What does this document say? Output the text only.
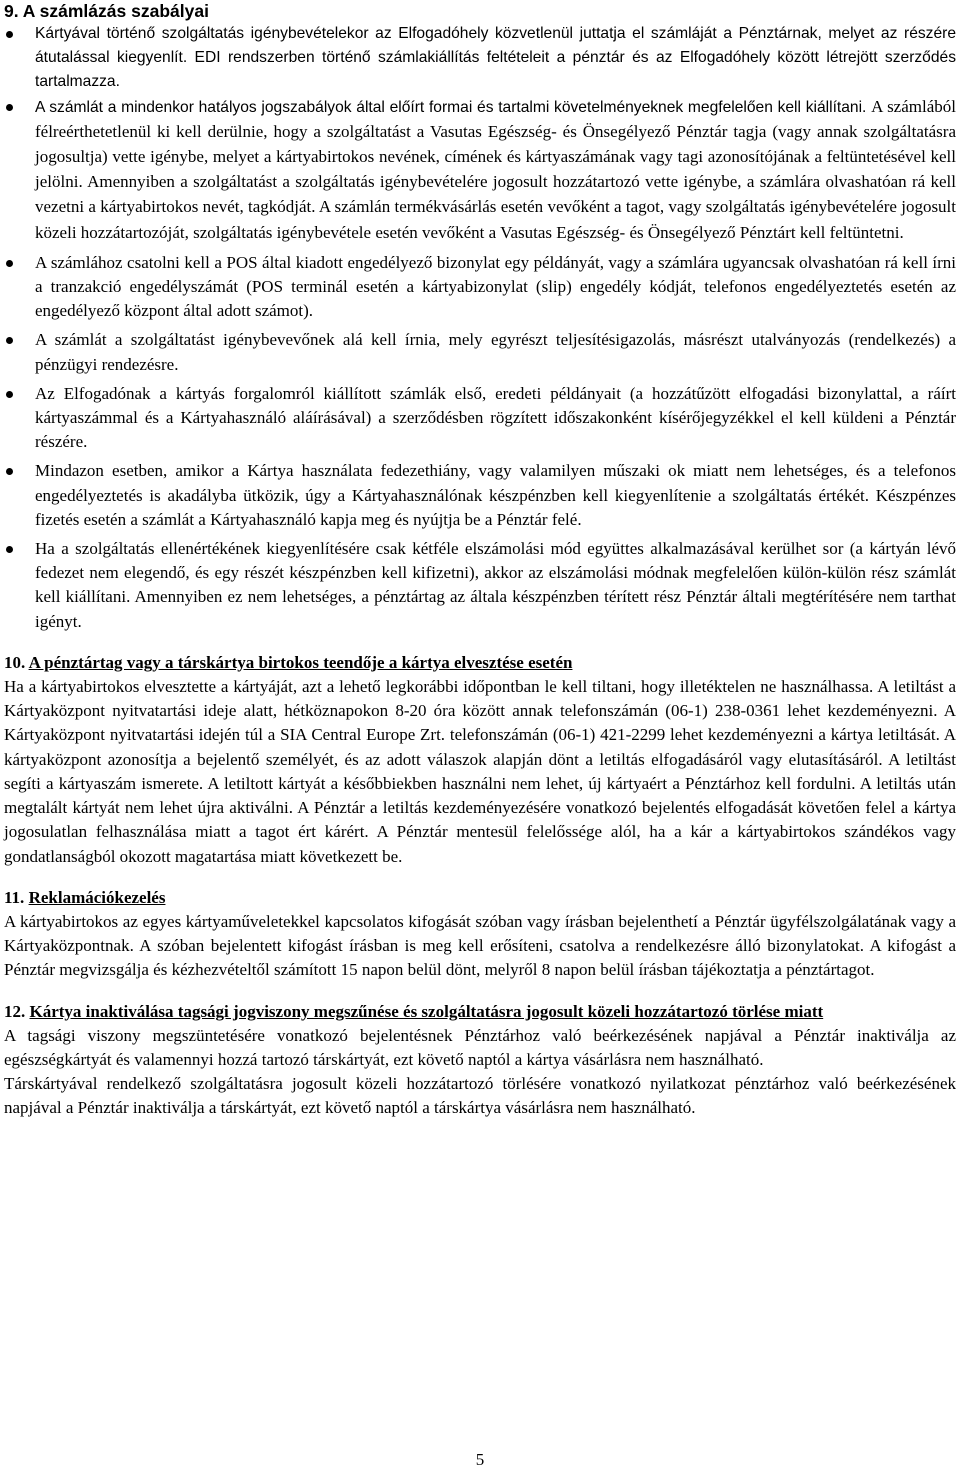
9. A számlázás szabályai
Kártyával történő szolgáltatás igénybevételekor az Elfogadóhely közvetlenül juttatja el számláját a Pénztárnak, melyet az részére átutalással kiegyenlít. EDI rendszerben történő számlakiállítás feltételeit a pénztár és az Elfogadóhely között létrejött szerződés tartalmazza.
A számlát a mindenkor hatályos jogszabályok által előírt formai és tartalmi követelményeknek megfelelően kell kiállítani. A számlából félreérthetetlenül ki kell derülnie, hogy a szolgáltatást a Vasutas Egészség- és Önsegélyező Pénztár tagja (vagy annak szolgáltatásra jogosultja) vette igénybe, melyet a kártyabirtokos nevének, címének és kártyaszámának vagy tagi azonosítójának a feltüntetésével kell jelölni. Amennyiben a szolgáltatást a szolgáltatás igénybevételére jogosult hozzátartozó vette igénybe, a számlára olvashatóan rá kell vezetni a kártyabirtokos nevét, tagkódját. A számlán termékvásárlás esetén vevőként a tagot, vagy szolgáltatás igénybevételére jogosult közeli hozzátartozóját, szolgáltatás igénybevétele esetén vevőként a Vasutas Egészség- és Önsegélyező Pénztárt kell feltüntetni.
A számlához csatolni kell a POS által kiadott engedélyező bizonylat egy példányát, vagy a számlára ugyancsak olvashatóan rá kell írni a tranzakció engedélyszámát (POS terminál esetén a kártyabizonylat (slip) engedély kódját, telefonos engedélyeztetés esetén az engedélyező központ által adott számot).
A számlát a szolgáltatást igénybevevőnek alá kell írnia, mely egyrészt teljesítésigazolás, másrészt utalványozás (rendelkezés) a pénzügyi rendezésre.
Az Elfogadónak a kártyás forgalomról kiállított számlák első, eredeti példányait (a hozzátűzött elfogadási bizonylattal, a ráírt kártyaszámmal és a Kártyahasználó aláírásával) a szerződésben rögzített időszakonként kísérőjegyzékkel el kell küldeni a Pénztár részére.
Mindazon esetben, amikor a Kártya használata fedezethiány, vagy valamilyen műszaki ok miatt nem lehetséges, és a telefonos engedélyeztetés is akadályba ütközik, úgy a Kártyahasználónak készpénzben kell kiegyenlítenie a szolgáltatás értékét. Készpénzes fizetés esetén a számlát a Kártyahasználó kapja meg és nyújtja be a Pénztár felé.
Ha a szolgáltatás ellenértékének kiegyenlítésére csak kétféle elszámolási mód együttes alkalmazásával kerülhet sor (a kártyán lévő fedezet nem elegendő, és egy részét készpénzben kell kifizetni), akkor az elszámolási módnak megfelelően külön-külön rész számlát kell kiállítani. Amennyiben ez nem lehetséges, a pénztártag az általa készpénzben térített rész Pénztár általi megtérítésére nem tarthat igényt.
10. A pénztártag vagy a társkártya birtokos teendője a kártya elvesztése esetén

Ha a kártyabirtokos elvesztette a kártyáját, azt a lehető legkorábbi időpontban le kell tiltani, hogy illetéktelen ne használhassa. A letiltást a Kártyaközpont nyitvatartási ideje alatt, hétköznapokon 8-20 óra között annak telefonszámán (06-1) 238-0361 lehet kezdeményezni. A Kártyaközpont nyitvatartási idején túl a SIA Central Europe Zrt. telefonszámán (06-1) 421-2299 lehet kezdeményezni a kártya letiltását. A kártyaközpont azonosítja a bejelentő személyét, és az adott válaszok alapján dönt a letiltás elfogadásáról vagy elutasításáról. A letiltást segíti a kártyaszám ismerete. A letiltott kártyát a későbbiekben használni nem lehet, új kártyaért a Pénztárhoz kell fordulni. A letiltás után megtalált kártyát nem lehet újra aktiválni. A Pénztár a letiltás kezdeményezésére vonatkozó bejelentés elfogadását követően felel a kártya jogosulatlan felhasználása miatt a tagot ért kárért. A Pénztár mentesül felelőssége alól, ha a kár a kártyabirtokos szándékos vagy gondatlanságból okozott magatartása miatt következett be.

11. Reklamációkezelés

A kártyabirtokos az egyes kártyaműveletekkel kapcsolatos kifogását szóban vagy írásban bejelenthetí a Pénztár ügyfélszolgálatának vagy a Kártyaközpontnak. A szóban bejelentett kifogást írásban is meg kell erősíteni, csatolva a rendelkezésre álló bizonylatokat. A kifogást a Pénztár megvizsgálja és kézhezvételtől számított 15 napon belül dönt, melyről 8 napon belül írásban tájékoztatja a pénztártagot.

12. Kártya inaktiválása tagsági jogviszony megszűnése és szolgáltatásra jogosult közeli hozzátartozó törlése miatt

A tagsági viszony megszüntetésére vonatkozó bejelentésnek Pénztárhoz való beérkezésének napjával a Pénztár inaktiválja az egészségkártyát és valamennyi hozzá tartozó társkártyát, ezt követő naptól a kártya vásárlásra nem használható.

Társkártyával rendelkező szolgáltatásra jogosult közeli hozzátartozó törlésére vonatkozó nyilatkozat pénztárhoz való beérkezésének napjával a Pénztár inaktiválja a társkártyát, ezt követő naptól a társkártya vásárlásra nem használható.

5
